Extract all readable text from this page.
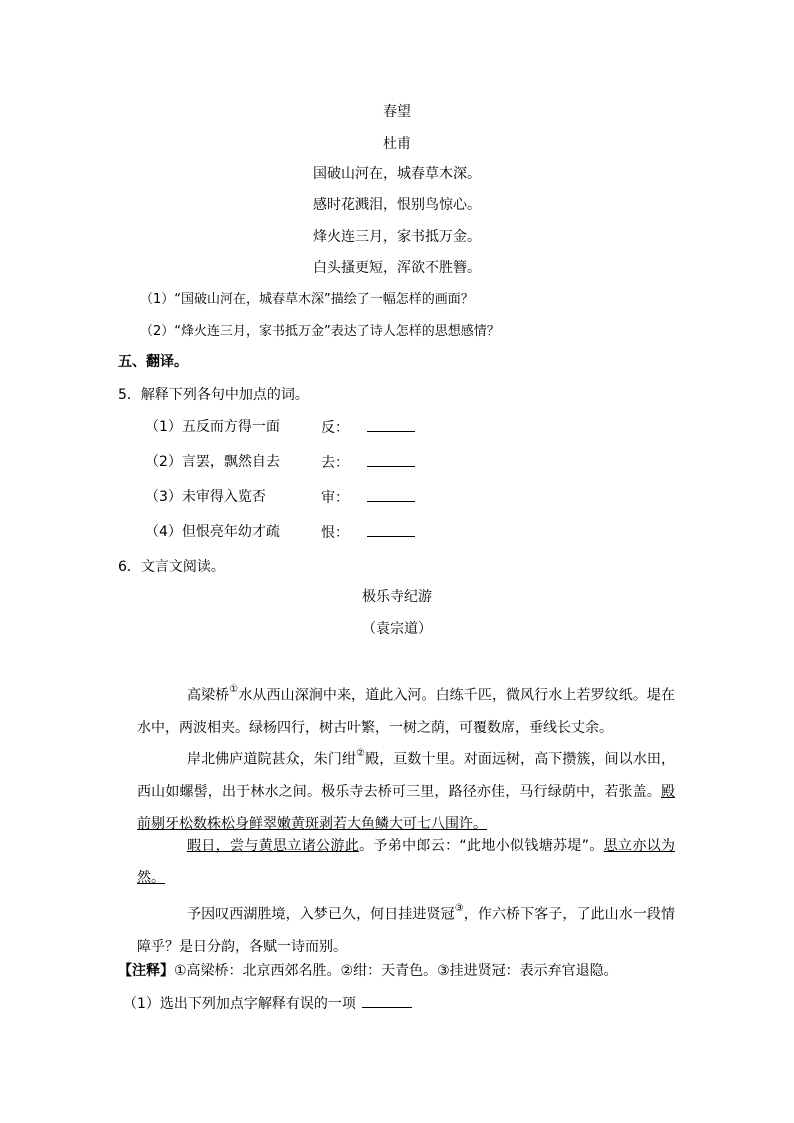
春望
杜甫
国破山河在，城春草木深。
感时花溅泪，恨别鸟惊心。
烽火连三月，家书抵万金。
白头搔更短，浑欲不胜簪。
（1）“国破山河在，城春草木深”描绘了一幅怎样的画面？
（2）“烽火连三月，家书抵万金”表达了诗人怎样的思想感情？
五、翻译。
5．解释下列各句中加点的词。
（1）五反而方得一面	反：
（2）言罢，飘然自去	去：
（3）未审得入览否	审：
（4）但恨亮年幼才疏	恨：
6．文言文阅读。
极乐寺纪游
（袁宗道）
高梁桥①水从西山深涧中来，道此入河。白练千匹，微风行水上若罗纹纸。堤在水中，两波相夹。绿杨四行，树古叶繁，一树之荫，可覆数席，垂线长丈余。
岸北佛庐道院甚众，朱门绀②殿，亘数十里。对面远树，高下攒簇，间以水田，西山如螺髻，出于林水之间。极乐寺去桥可三里，路径亦佳，马行绿荫中，若张盖。殿前剔牙松数株松身鲜翠嫩黄斑剥若大鱼鳞大可七八围许。
暇日，尝与黄思立诸公游此。予弟中郎云：“此地小似钱塘苏堤”。思立亦以为然。
予因叹西湖胜境，入梦已久，何日挂进贤冠③，作六桥下客子，了此山水一段情障乎？是日分韵，各赋一诗而别。
【注释】①高梁桥：北京西郊名胜。②绀：天青色。③挂进贤冠：表示弃官退隐。
（1）选出下列加点字解释有误的一项
